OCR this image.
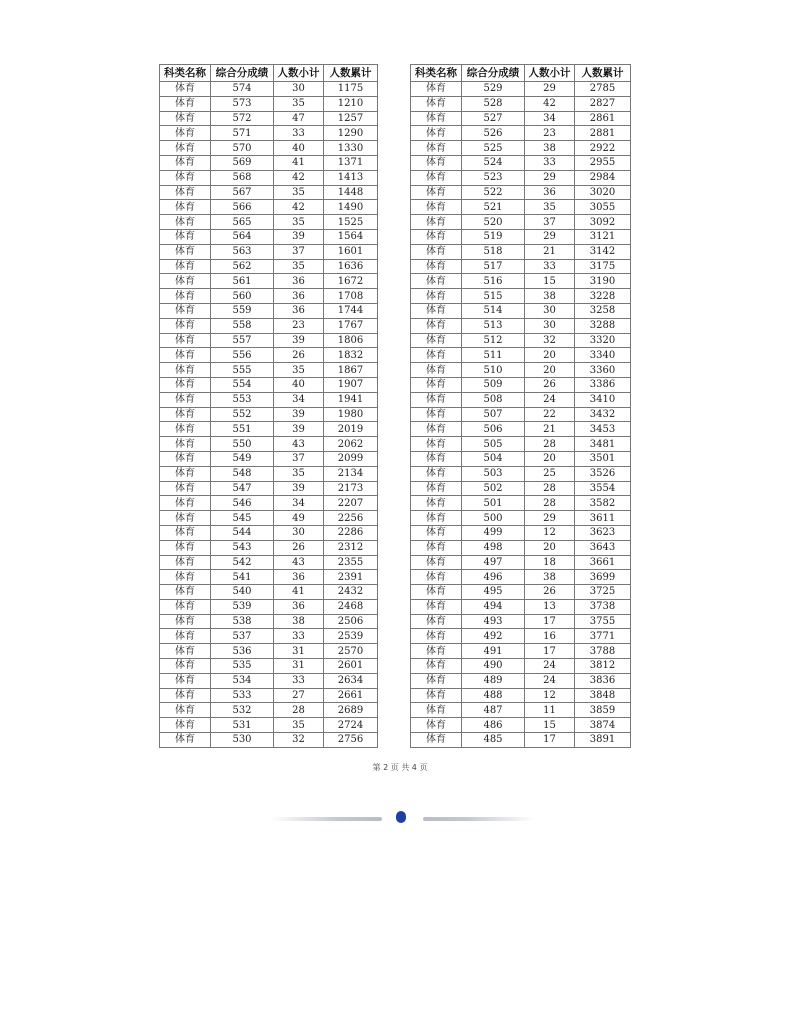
科类名称	综合分成绩	人数小计	人数累计
体育	574	30	1175
体育	573	35	1210
体育	572	47	1257
体育	571	33	1290
体育	570	40	1330
体育	569	41	1371
体育	568	42	1413
体育	567	35	1448
体育	566	42	1490
体育	565	35	1525
体育	564	39	1564
体育	563	37	1601
体育	562	35	1636
体育	561	36	1672
体育	560	36	1708
体育	559	36	1744
体育	558	23	1767
体育	557	39	1806
体育	556	26	1832
体育	555	35	1867
体育	554	40	1907
体育	553	34	1941
体育	552	39	1980
体育	551	39	2019
体育	550	43	2062
体育	549	37	2099
体育	548	35	2134
体育	547	39	2173
体育	546	34	2207
体育	545	49	2256
体育	544	30	2286
体育	543	26	2312
体育	542	43	2355
体育	541	36	2391
体育	540	41	2432
体育	539	36	2468
体育	538	38	2506
体育	537	33	2539
体育	536	31	2570
体育	535	31	2601
体育	534	33	2634
体育	533	27	2661
体育	532	28	2689
体育	531	35	2724
体育	530	32	2756
科类名称	综合分成绩	人数小计	人数累计
体育	529	29	2785
体育	528	42	2827
体育	527	34	2861
体育	526	23	2881
体育	525	38	2922
体育	524	33	2955
体育	523	29	2984
体育	522	36	3020
体育	521	35	3055
体育	520	37	3092
体育	519	29	3121
体育	518	21	3142
体育	517	33	3175
体育	516	15	3190
体育	515	38	3228
体育	514	30	3258
体育	513	30	3288
体育	512	32	3320
体育	511	20	3340
体育	510	20	3360
体育	509	26	3386
体育	508	24	3410
体育	507	22	3432
体育	506	21	3453
体育	505	28	3481
体育	504	20	3501
体育	503	25	3526
体育	502	28	3554
体育	501	28	3582
体育	500	29	3611
体育	499	12	3623
体育	498	20	3643
体育	497	18	3661
体育	496	38	3699
体育	495	26	3725
体育	494	13	3738
体育	493	17	3755
体育	492	16	3771
体育	491	17	3788
体育	490	24	3812
体育	489	24	3836
体育	488	12	3848
体育	487	11	3859
体育	486	15	3874
体育	485	17	3891
第 2 页 共 4 页
